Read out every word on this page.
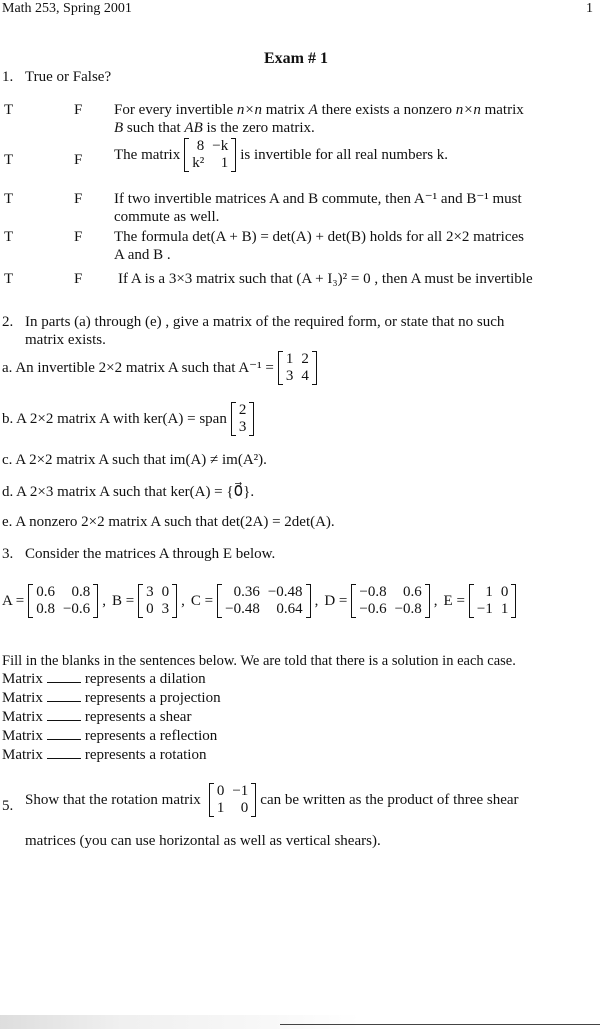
Math 253, Spring 2001	1
Exam # 1
1. True or False?
T	F For every invertible n×n matrix A there exists a nonzero n×n matrix
B such that AB is the zero matrix.
T	F The matrix
8	−k
k²	1 is invertible for all real numbers k.
T	F If two invertible matrices A and B commute, then A⁻¹ and B⁻¹ must
commute as well.
T	F The formula det(A + B) = det(A) + det(B) holds for all 2×2 matrices
A and B .
T	F If A is a 3×3 matrix such that (A + I₃)² = 0 , then A must be invertible
2. In parts (a) through (e) , give a matrix of the required form, or state that no such
matrix exists.
a. An invertible 2×2 matrix A such that A⁻¹ =
1	2
3	4
b. A 2×2 matrix A with ker(A) = span
2
3
c. A 2×2 matrix A such that im(A) ≠ im(A²).
d. A 2×3 matrix A such that ker(A) = {0⃗}.
e. A nonzero 2×2 matrix A such that det(2A) = 2det(A).
3. Consider the matrices A through E below.
A =
0.6	0.8
0.8	−0.6 , B =
3	0
0	3 , C =
0.36	−0.48
−0.48	0.64 , D =
−0.8	0.6
−0.6	−0.8 , E =
1	0
−1	1
Fill in the blanks in the sentences below. We are told that there is a solution in each case.
Matrix	represents a dilation
Matrix	represents a projection
Matrix	represents a shear
Matrix	represents a reflection
Matrix	represents a rotation
5. Show that the rotation matrix
0	−1
1	0 can be written as the product of three shear
matrices (you can use horizontal as well as vertical shears).
